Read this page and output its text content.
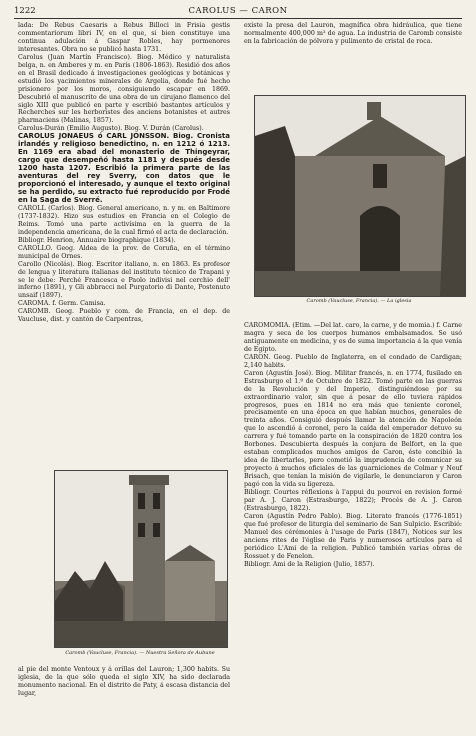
1222	CAROLUS — CARON

lada: De Rebus Caesaris a Rebus Billoci in Frisia gestis commentariorum libri IV, en el que, si bien constituye una continua adulación á Gaspar Robles, hay pormenores interesantes. Obra no se publicó hasta 1731.

Carolus (Juan Martín Francisco). Biog. Médico y naturalista belga, n. en Amberes y m. en París (1806-1863). Residió dos años en el Brasil dedicado á investigaciones geológicas y botánicas y estudió los yacimientos minerales de Argelia, donde fué hecho prisionero por los moros, consiguiendo escapar en 1869. Descubrió el manuscrito de una obra de un cirujano flamenco del siglo XIII que publicó en parte y escribió bastantes artículos y Recherches sur les herboristes des anciens botanistes et autres pharmaciens (Malinas, 1857).

Carolus-Durán (Emilio Augusto). Biog. V. Durán (Carolus).

CAROLUS JONAEUS ó CARL JONSSON. Biog. Cronista irlandés y religioso benedictino, n. en 1212 ó 1213. En 1169 era abad del monasterio de Thingeyrar, cargo que desempeñó hasta 1181 y después desde 1200 hasta 1207. Escribió la primera parte de las aventuras del rey Sverry, con datos que le proporcionó el interesado, y aunque el texto original se ha perdido, su extracto fué reproducido por Frodé en la Saga de Sverré.

CAROLL (Carlos). Biog. General americano, n. y m. en Baltimore (1737-1832). Hizo sus estudios en Francia en el Colegio de Reims. Tomó una parte activísima en la guerra de la independencia americana, de la cual firmó el acta de declaración.

Bibliogr. Henrion, Annuaire biographique (1834).

CAROLLO. Geog. Aldea de la prov. de Coruña, en el término municipal de Ornes.

Carollo (Nicolás). Biog. Escritor italiano, n. en 1863. Es profesor de lengua y literatura italianas del instituto técnico de Trapani y se le debe: Perché Francesca e Paolo indivisi nel cerchio dell' inferno (1891), y Gli abbracci nel Purgatorio di Dante, Postenuto unsaif (1897).

CAROMA. f. Germ. Camisa.

CAROMB. Geog. Pueblo y com. de Francia, en el dep. de Vaucluse, dist. y cantón de Carpentras,

Caromb (Vaucluse, Francia). — Nuestra Señora de Aubune

al pie del monte Ventoux y á orillas del Lauron; 1,300 habits. Su iglesia, de la que sólo queda el siglo XIV, ha sido declarada monumento nacional. En el distrito de Paty, á escasa distancia del lugar,

existe la presa del Lauron, magnífica obra hidráulica, que tiene normalmente 400,000 m³ de agua. La industria de Caromb consiste en la fabricación de pólvora y pulimento de cristal de roca.

Caromb (Vaucluse, Francia). — La iglesia

CAROMOMIA. (Etim. —Del lat. caro, la carne, y de momia.) f. Carne magra y seca de los cuerpos humanos embalsamados. Se usó antiguamente en medicina, y es de suma importancia á la que venía de Egipto.

CARON. Geog. Pueblo de Inglaterra, en el condado de Cardigan; 2,140 habits.

Caron (Agustín José). Biog. Militar francés, n. en 1774, fusilado en Estrasburgo el 1.º de Octubre de 1822. Tomó parte en las guerras de la Revolución y del Imperio, distinguiéndose por su extraordinario valor, sin que á pesar de ello tuviera rápidos progresos, pues en 1814 no era más que teniente coronel, precisamente en una época en que habían muchos, generales de treinta años. Consiguió después llamar la atención de Napoleón que lo ascendió á coronel, pero la caída del emperador detuvo su carrera y fué tomando parte en la conspiración de 1820 contra los Borbones. Descubierta después la conjura de Belfort, en la que estaban complicados muchos amigos de Caron, éste concibió la idea de libertarles, pero cometió la imprudencia de comunicar su proyecto á muchos oficiales de las guarniciones de Colmar y Neuf Brisach, que tenían la misión de vigilarle, le denunciaron y Caron pagó con la vida su ligereza.

Bibliogr. Courtes réflexions à l'appui du pourvoi en revision formé par A. J. Caron (Estrasburgo, 1822); Procès de A. J. Caron (Estrasburgo, 1822).

Caron (Agustín Pedro Pablo). Biog. Literato francés (1776-1851) que fué profesor de liturgia del seminario de San Sulpicio. Escribió: Manuel des cérémonies à l'usage de Paris (1847), Notices sur les anciens rites de l'église de Paris y numerosos artículos para el periódico L'Ami de la religion. Publicó también varias obras de Rossuet y de Fenelon.

Bibliogr. Ami de la Religion (Julio, 1857).
